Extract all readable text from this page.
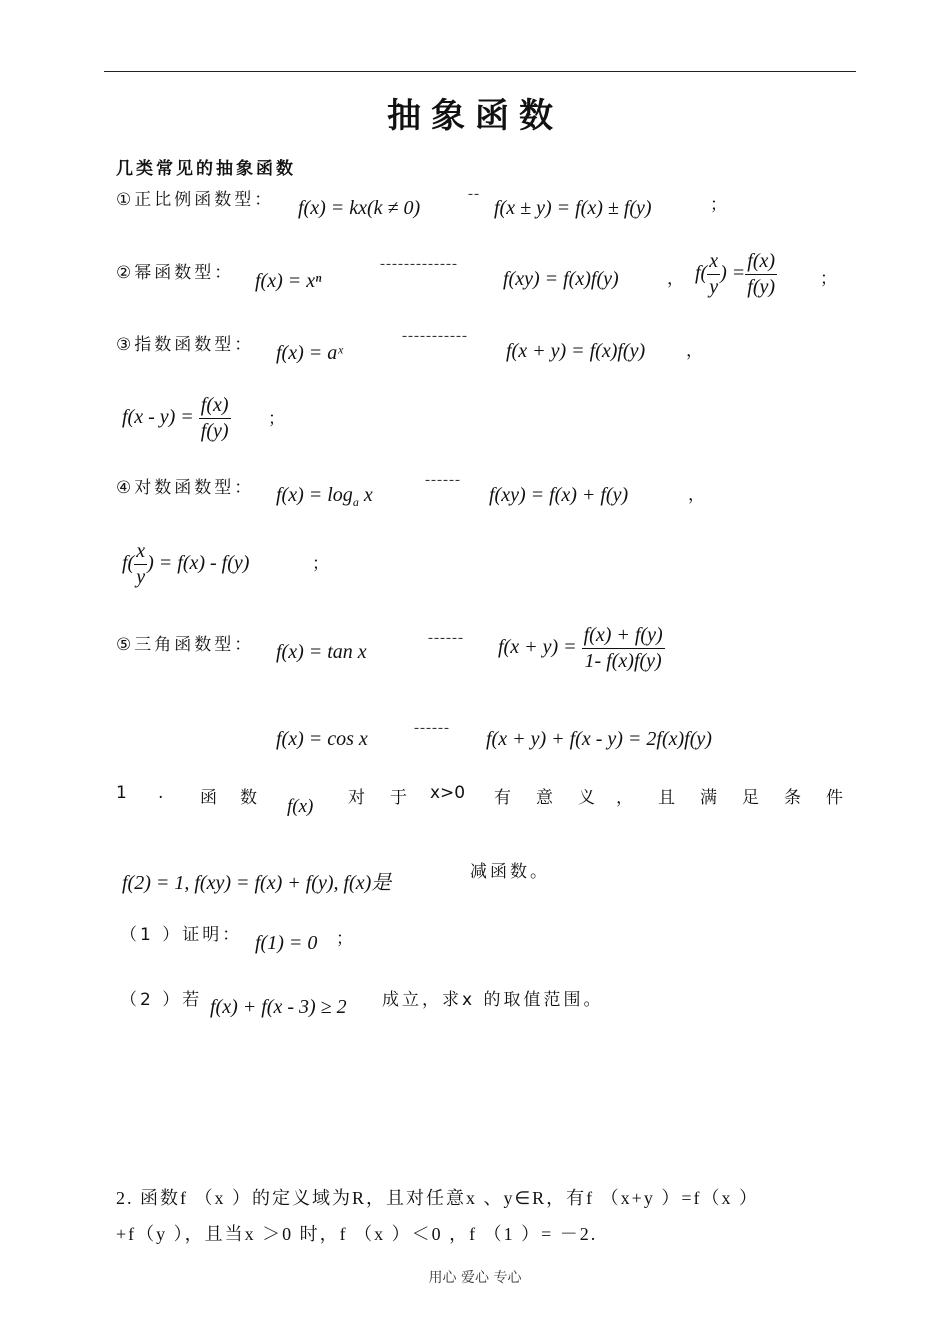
抽象函数
几类常见的抽象函数
①正比例函数型： f(x) = kx(k ≠ 0)
--
f(x ± y) = f(x) ± f(y)	；
②幂函数型： f(x) = xⁿ
-------------
f(xy) = f(x)f(y)	， $f( \frac{x}{y}$ ) = $\frac{f(x)}{f(y)}$	；
③指数函数型： f(x) = aˣ
-----------
f(x + y) = f(x)f(y) ，
$f(x - y) = \frac{f(x)}{f(y)}$ ；
④对数函数型： $f(x) = \log_a x$
------
f(xy) = f(x) + f(y)	，
$f( \frac{x}{y}$ ) = f(x) - f(y)	；
⑤三角函数型： f(x) = tan x
------ $f(x + y) = \frac{f(x) + f(y)}{1- f(x)f(y)}$
f(x) = cos x	------ f(x + y) + f(x - y) = 2f(x)f(y)
1 . 函 数 f(x) 对 于 x>0 有 意 义 ， 且 满 足 条 件
f(2) = 1, f(xy) = f(x) + f(y), f(x)是	减函数。
（1 ）证明： f(1) = 0 ；
（2 ）若 f(x) + f(x - 3) ≥ 2 成立，求x 的取值范围。
2. 函数f （x ）的定义域为R，且对任意x 、y∈R，有f （x+y ）=f（x ）
+f（y ），且当x ＞0 时，f （x ）＜0 ，f （1 ）= －2.
用心 爱心 专心
